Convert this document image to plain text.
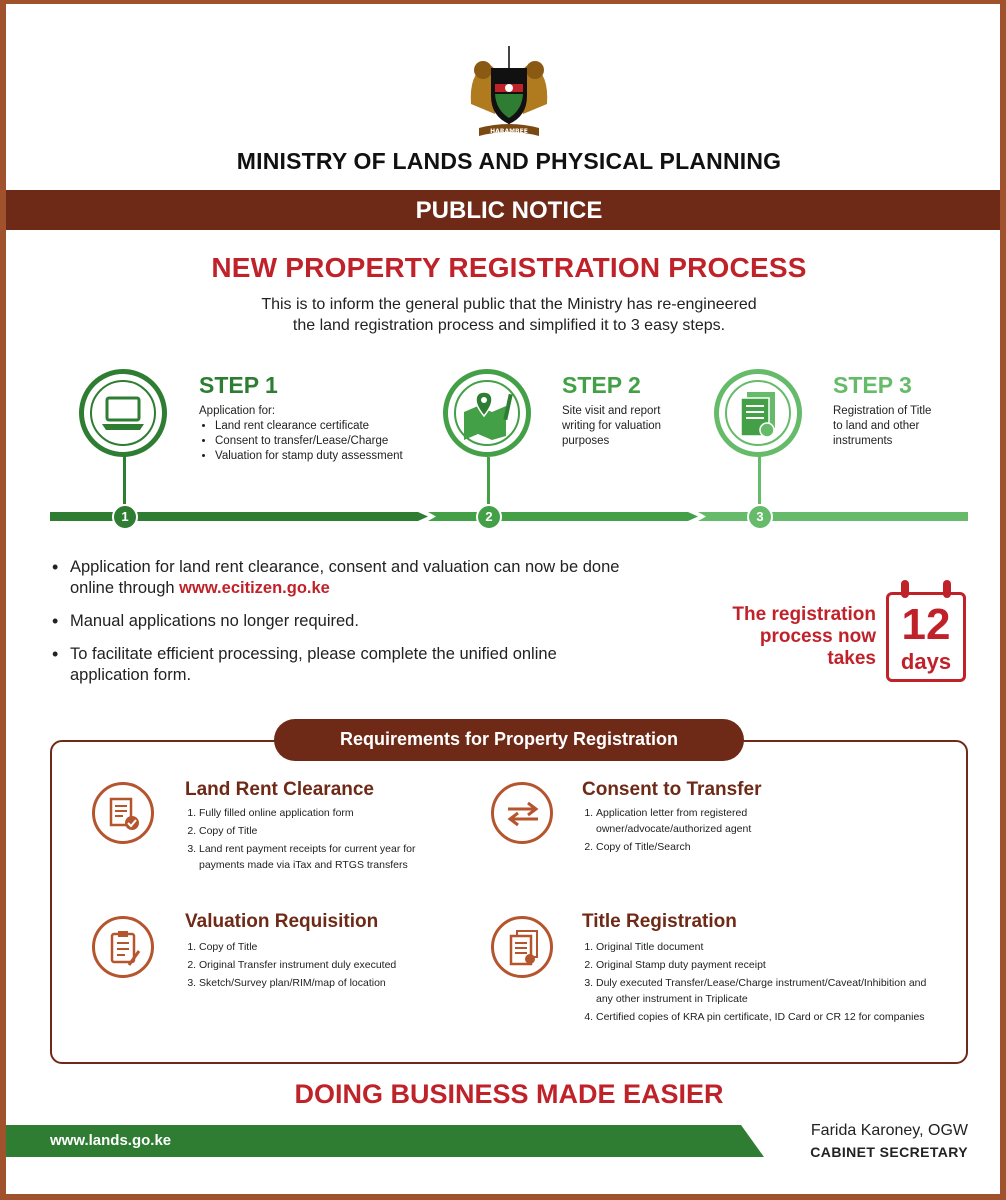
HARAMBEE
MINISTRY OF LANDS AND PHYSICAL PLANNING
PUBLIC NOTICE
NEW PROPERTY REGISTRATION PROCESS
This is to inform the general public that the Ministry has re-engineered
the land registration process and simplified it to 3 easy steps.
1
STEP 1
Application for:
• Land rent clearance certificate
• Consent to transfer/Lease/Charge
• Valuation for stamp duty assessment
2
STEP 2
Site visit and report
writing for valuation
purposes
3
STEP 3
Registration of Title
to land and other
instruments
• Application for land rent clearance, consent and valuation can now be done online through www.ecitizen.go.ke
• Manual applications no longer required.
• To facilitate efficient processing, please complete the unified online application form.
The registration
process now
takes
12
days
Requirements for Property Registration
Land Rent Clearance
1. Fully filled online application form
2. Copy of Title
3. Land rent payment receipts for current year for payments made via iTax and RTGS transfers
Consent to Transfer
1. Application letter from registered owner/advocate/authorized agent
2. Copy of Title/Search
Valuation Requisition
1. Copy of Title
2. Original Transfer instrument duly executed
3. Sketch/Survey plan/RIM/map of location
Title Registration
1. Original Title document
2. Original Stamp duty payment receipt
3. Duly executed Transfer/Lease/Charge instrument/Caveat/Inhibition and any other instrument in Triplicate
4. Certified copies of KRA pin certificate, ID Card or CR 12 for companies
DOING BUSINESS MADE EASIER
www.lands.go.ke
Farida Karoney, OGW
CABINET SECRETARY
